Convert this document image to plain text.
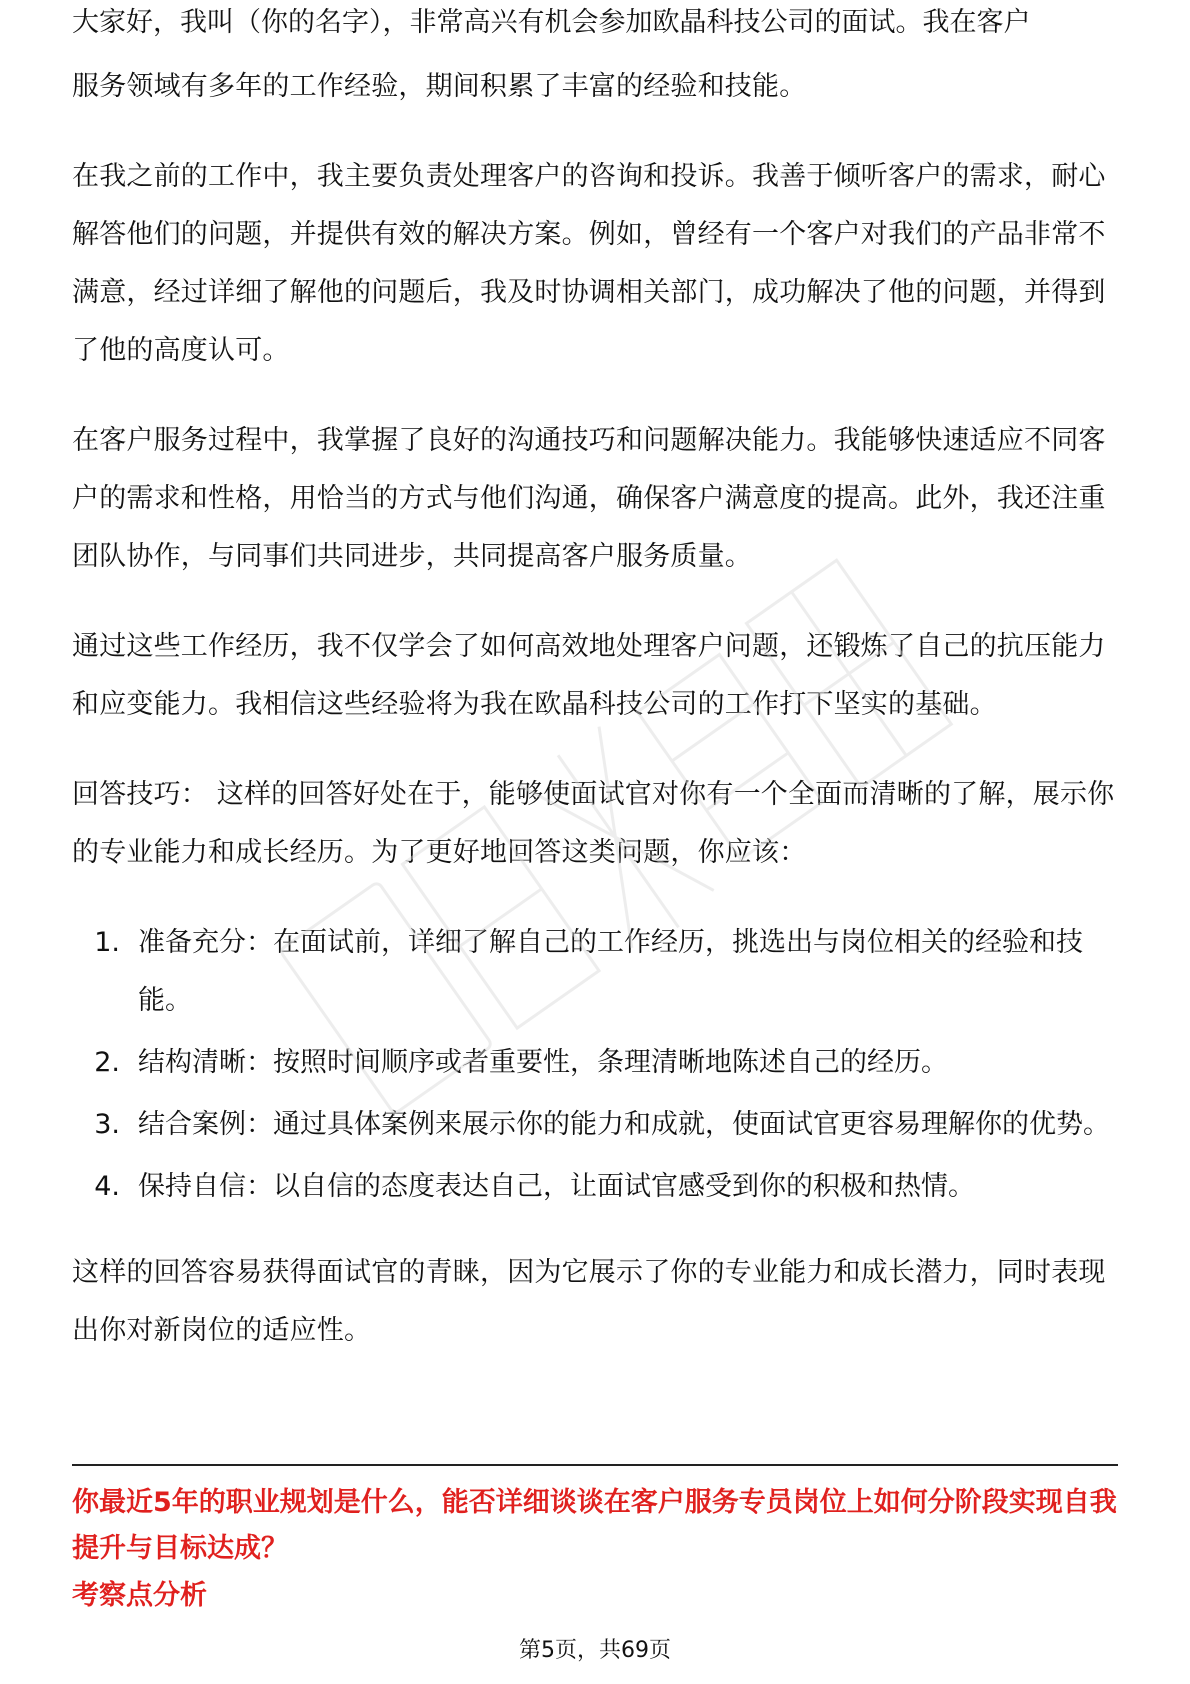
大家好，我叫（你的名字），非常高兴有机会参加欧晶科技公司的面试。我在客户

服务领域有多年的工作经验，期间积累了丰富的经验和技能。

在我之前的工作中，我主要负责处理客户的咨询和投诉。我善于倾听客户的需求，耐心解答他们的问题，并提供有效的解决方案。例如，曾经有一个客户对我们的产品非常不满意，经过详细了解他的问题后，我及时协调相关部门，成功解决了他的问题，并得到了他的高度认可。

在客户服务过程中，我掌握了良好的沟通技巧和问题解决能力。我能够快速适应不同客户的需求和性格，用恰当的方式与他们沟通，确保客户满意度的提高。此外，我还注重团队协作，与同事们共同进步，共同提高客户服务质量。

通过这些工作经历，我不仅学会了如何高效地处理客户问题，还锻炼了自己的抗压能力和应变能力。我相信这些经验将为我在欧晶科技公司的工作打下坚实的基础。

回答技巧： 这样的回答好处在于，能够使面试官对你有一个全面而清晰的了解，展示你的专业能力和成长经历。为了更好地回答这类问题，你应该：

1. 准备充分：在面试前，详细了解自己的工作经历，挑选出与岗位相关的经验和技能。
2. 结构清晰：按照时间顺序或者重要性，条理清晰地陈述自己的经历。
3. 结合案例：通过具体案例来展示你的能力和成就，使面试官更容易理解你的优势。
4. 保持自信：以自信的态度表达自己，让面试官感受到你的积极和热情。

这样的回答容易获得面试官的青睐，因为它展示了你的专业能力和成长潜力，同时表现出你对新岗位的适应性。

你最近5年的职业规划是什么，能否详细谈谈在客户服务专员岗位上如何分阶段实现自我提升与目标达成？

考察点分析

第5页，共69页
